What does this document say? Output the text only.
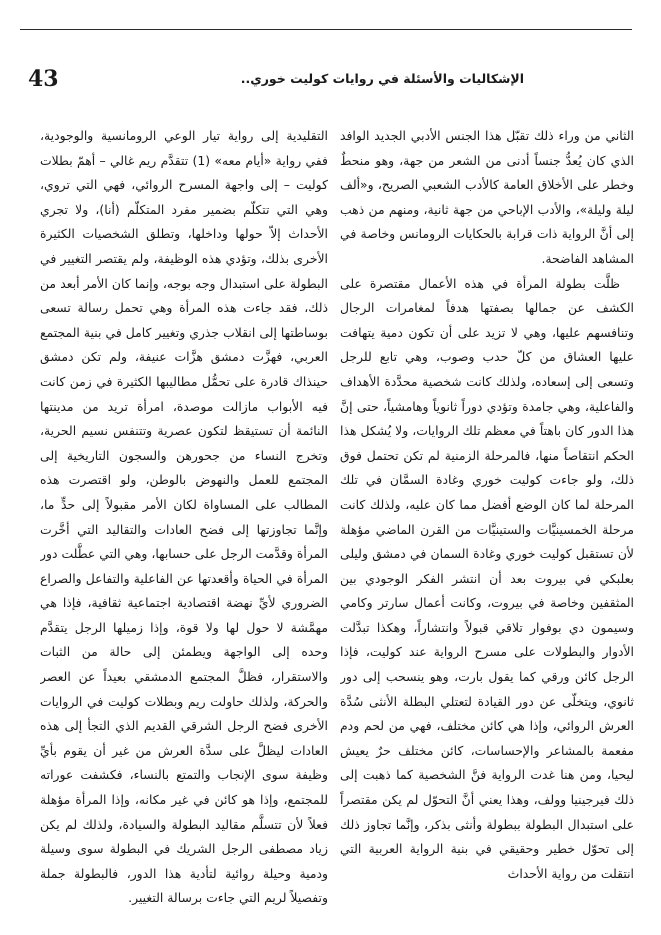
43	الإشكاليات والأسئلة في روايات كوليت خوري..

الثاني من وراء ذلك تقبّل هذا الجنس الأدبي الجديد الوافد الذي كان يُعدُّ جنساً أدنى من الشعر من جهة، وهو منحطٌ وخطر على الأخلاق العامة كالأدب الشعبي الصريح، و«ألف ليلة وليلة»، والأدب الإباحي من جهة ثانية، ومنهم من ذهب إلى أنَّ الرواية ذات قرابة بالحكايات الرومانس وخاصة في المشاهد الفاضحة.

ظلَّت بطولة المرأة في هذه الأعمال مقتصرة على الكشف عن جمالها بصفتها هدفاً لمغامرات الرجال وتنافسهم عليها، وهي لا تزيد على أن تكون دمية يتهافت عليها العشاق من كلّ حدب وصوب، وهي تابع للرجل وتسعى إلى إسعاده، ولذلك كانت شخصية محدَّدة الأهداف والفاعلية، وهي جامدة وتؤدي دوراً ثانوياً وهامشياً، حتى إنَّ هذا الدور كان باهتاً في معظم تلك الروايات، ولا يُشكل هذا الحكم انتقاصاً منها، فالمرحلة الزمنية لم تكن تحتمل فوق ذلك، ولو جاءت كوليت خوري وغادة السمَّان في تلك المرحلة لما كان الوضع أفضل مما كان عليه، ولذلك كانت مرحلة الخمسينيَّات والستينيَّات من القرن الماضي مؤهلة لأن تستقبل كوليت خوري وغادة السمان في دمشق وليلى بعلبكي في بيروت بعد أن انتشر الفكر الوجودي بين المثقفين وخاصة في بيروت، وكانت أعمال سارتر وكامي وسيمون دي بوفوار تلاقي قبولاً وانتشاراً، وهكذا تبدَّلت الأدوار والبطولات على مسرح الرواية عند كوليت، فإذا الرجل كائن ورقي كما يقول بارت، وهو ينسحب إلى دور ثانوي، ويتخلّى عن دور القيادة لتعتلي البطلة الأنثى سُدَّة العرش الروائي، وإذا هي كائن مختلف، فهي من لحم ودم مفعمة بالمشاعر والإحساسات، كائن مختلف حرٌ يعيش ليحيا، ومن هنا غدت الرواية فنَّ الشخصية كما ذهبت إلى ذلك فيرجينيا وولف، وهذا يعني أنَّ التحوّل لم يكن مقتصراً على استبدال البطولة ببطولة وأنثى بذكر، وإنَّما تجاوز ذلك إلى تحوّل خطير وحقيقي في بنية الرواية العربية التي انتقلت من رواية الأحداث

التقليدية إلى رواية تيار الوعي الرومانسية والوجودية، ففي رواية «أيام معه» (1) تتقدَّم ريم غالي – أهمّ بطلات كوليت – إلى واجهة المسرح الروائي، فهي التي تروي، وهي التي تتكلّم بضمير مفرد المتكلّم (أنا)، ولا تجري الأحداث إلاّ حولها وداخلها، وتطلق الشخصيات الكثيرة الأخرى بذلك، وتؤدي هذه الوظيفة، ولم يقتصر التغيير في البطولة على استبدال وجه بوجه، وإنما كان الأمر أبعد من ذلك، فقد جاءت هذه المرأة وهي تحمل رسالة تسعى بوساطتها إلى انقلاب جذري وتغيير كامل في بنية المجتمع العربي، فهزَّت دمشق هزَّات عنيفة، ولم تكن دمشق حينذاك قادرة على تحمُّل مطاليبها الكثيرة في زمن كانت فيه الأبواب مازالت موصدة، امرأة تريد من مدينتها النائمة أن تستيقظ لتكون عصرية وتتنفس نسيم الحرية، وتخرج النساء من جحورهن والسجون التاريخية إلى المجتمع للعمل والنهوض بالوطن، ولو اقتصرت هذه المطالب على المساواة لكان الأمر مقبولاً إلى حدٍّ ما، وإنَّما تجاوزتها إلى فضح العادات والتقاليد التي أخَّرت المرأة وقدَّمت الرجل على حسابها، وهي التي عطَّلت دور المرأة في الحياة وأقعدتها عن الفاعلية والتفاعل والصراع الضروري لأيِّ نهضة اقتصادية اجتماعية ثقافية، فإذا هي مهمَّشة لا حول لها ولا قوة، وإذا زميلها الرجل يتقدَّم وحده إلى الواجهة ويطمئن إلى حالة من الثبات والاستقرار، فظلَّ المجتمع الدمشقي بعيداً عن العصر والحركة، ولذلك حاولت ريم وبطلات كوليت في الروايات الأخرى فضح الرجل الشرقي القديم الذي التجأ إلى هذه العادات ليظلَّ على سدَّة العرش من غير أن يقوم بأيِّ وظيفة سوى الإنجاب والتمتع بالنساء، فكشفت عوراته للمجتمع، وإذا هو كائن في غير مكانه، وإذا المرأة مؤهلة فعلاً لأن تتسلَّم مقاليد البطولة والسيادة، ولذلك لم يكن زياد مصطفى الرجل الشريك في البطولة سوى وسيلة ودمية وحيلة روائية لتأدية هذا الدور، فالبطولة جملة وتفصيلاً لريم التي جاءت برسالة التغيير.
